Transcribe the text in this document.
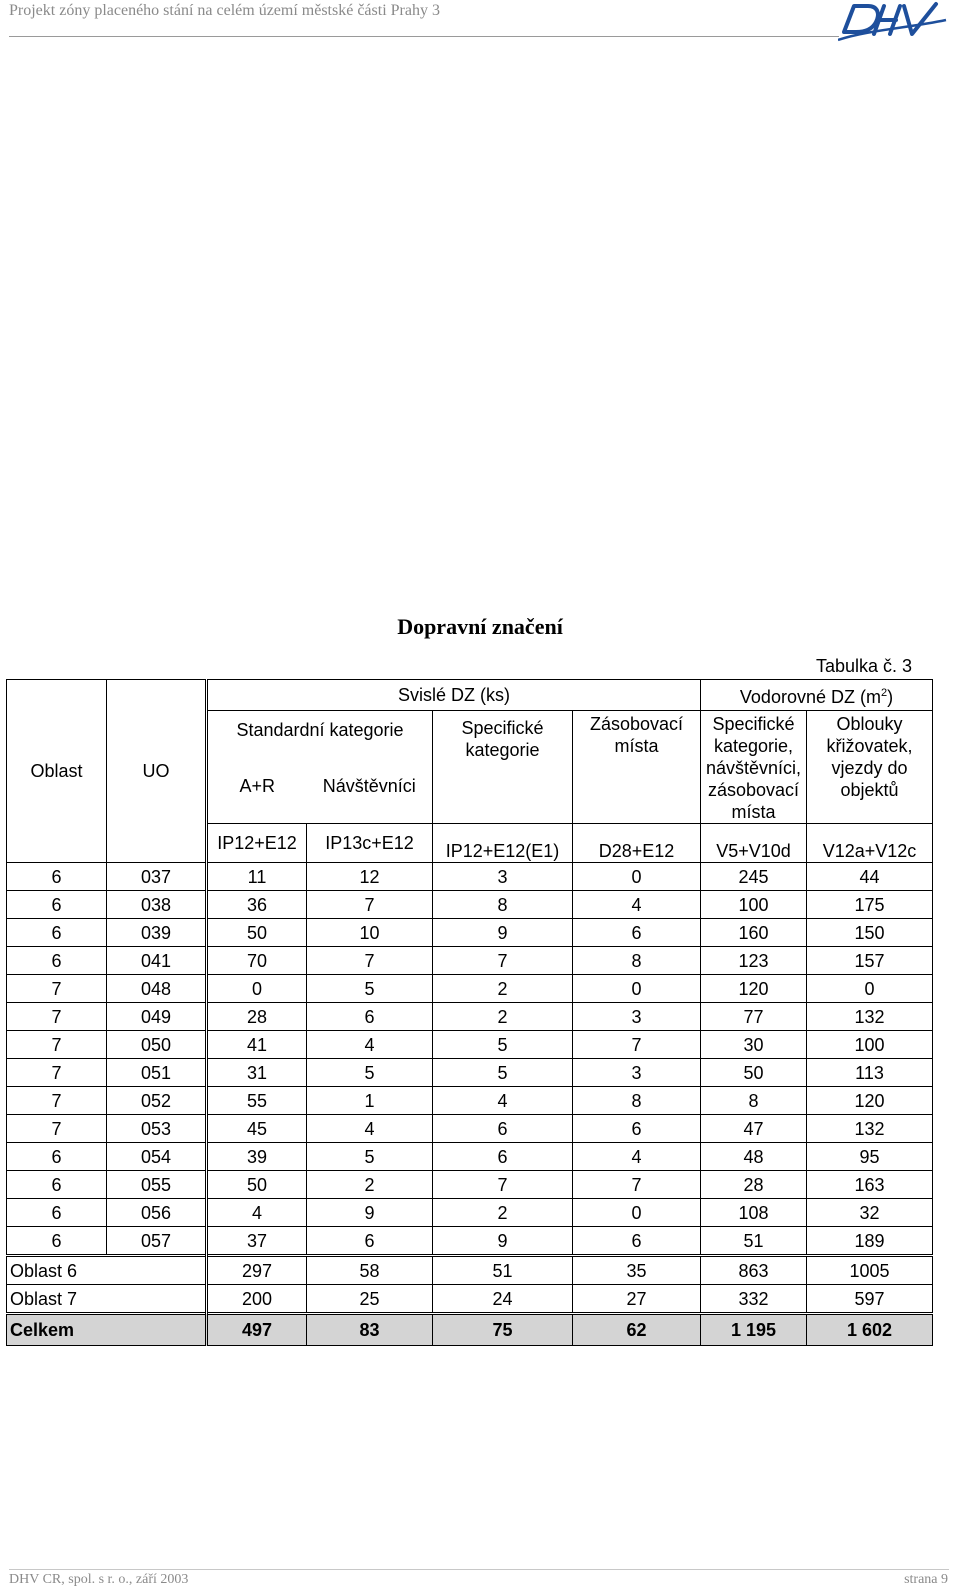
Projekt zóny placeného stání na celém území městské části Prahy 3
Dopravní značení
Tabulka č. 3
Oblast	UO	Svislé DZ (ks)				Vodorovné DZ $(m^2)$	
		Standardní kategorie		Specifické kategorie	Zásobovací místa	Specifické kategorie, návštěvníci, zásobovací místa	Oblouky křižovatek, vjezdy do objektů
		A+R	Návštěvníci				
		IP12+E12	IP13c+E12	IP12+E12(E1)	D28+E12	V5+V10d	V12a+V12c
6	037	11	12	3	0	245	44
6	038	36	7	8	4	100	175
6	039	50	10	9	6	160	150
6	041	70	7	7	8	123	157
7	048	0	5	2	0	120	0
7	049	28	6	2	3	77	132
7	050	41	4	5	7	30	100
7	051	31	5	5	3	50	113
7	052	55	1	4	8	8	120
7	053	45	4	6	6	47	132
6	054	39	5	6	4	48	95
6	055	50	2	7	7	28	163
6	056	4	9	2	0	108	32
6	057	37	6	9	6	51	189
Oblast 6		297	58	51	35	863	1005
Oblast 7		200	25	24	27	332	597
Celkem		497	83	75	62	1 195	1 602
DHV CR, spol. s r. o., září 2003	strana 9
